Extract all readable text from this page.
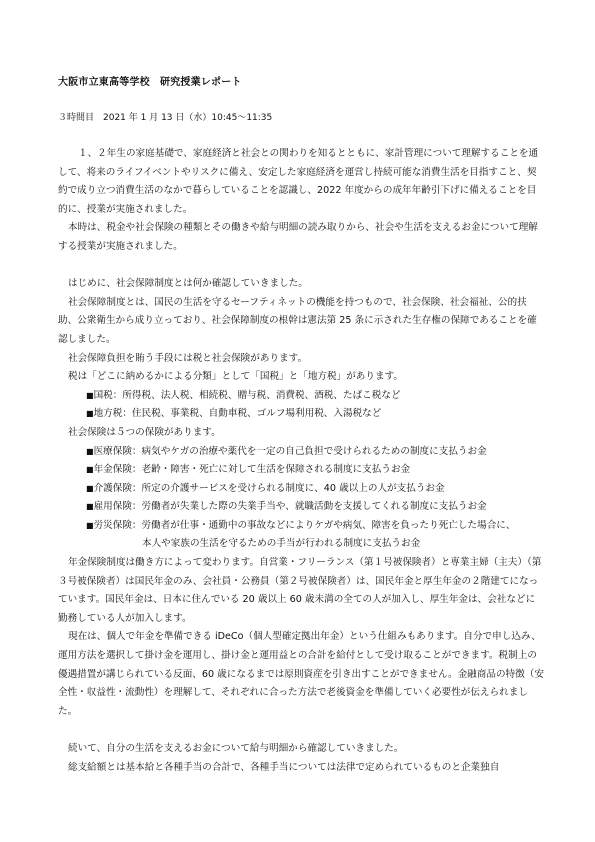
大阪市立東高等学校　研究授業レポート
３時間目　2021 年 1 月 13 日（水）10:45～11:35

１、２年生の家庭基礎で、家庭経済と社会との関わりを知るとともに、家計管理について理解することを通して、将来のライフイベントやリスクに備え、安定した家庭経済を運営し持続可能な消費生活を目指すこと、契約で成り立つ消費生活のなかで暮らしていることを認識し、2022 年度からの成年年齢引下げに備えることを目的に、授業が実施されました。

本時は、税金や社会保険の種類とその働きや給与明細の読み取りから、社会や生活を支えるお金について理解する授業が実施されました。

はじめに、社会保障制度とは何か確認していきました。

社会保障制度とは、国民の生活を守るセーフティネットの機能を持つもので、社会保険、社会福祉、公的扶助、公衆衛生から成り立っており、社会保障制度の根幹は憲法第 25 条に示された生存権の保障であることを確認しました。

社会保障負担を賄う手段には税と社会保険があります。

税は「どこに納めるかによる分類」として「国税」と「地方税」があります。

■国税：所得税、法人税、相続税、贈与税、消費税、酒税、たばこ税など

■地方税：住民税、事業税、自動車税、ゴルフ場利用税、入湯税など

社会保険は５つの保険があります。

■医療保険：病気やケガの治療や薬代を一定の自己負担で受けられるための制度に支払うお金

■年金保険：老齢・障害・死亡に対して生活を保障される制度に支払うお金

■介護保険：所定の介護サービスを受けられる制度に、40 歳以上の人が支払うお金

■雇用保険：労働者が失業した際の失業手当や、就職活動を支援してくれる制度に支払うお金

■労災保険：労働者が仕事・通勤中の事故などによりケガや病気、障害を負ったり死亡した場合に、

本人や家族の生活を守るための手当が行われる制度に支払うお金

年金保険制度は働き方によって変わります。自営業・フリーランス（第１号被保険者）と専業主婦（主夫）（第３号被保険者）は国民年金のみ、会社員・公務員（第２号被保険者）は、国民年金と厚生年金の２階建てになっています。国民年金は、日本に住んでいる 20 歳以上 60 歳未満の全ての人が加入し、厚生年金は、会社などに勤務している人が加入します。

現在は、個人で年金を準備できる iDeCo（個人型確定拠出年金）という仕組みもあります。自分で申し込み、運用方法を選択して掛け金を運用し、掛け金と運用益との合計を給付として受け取ることができます。税制上の優遇措置が講じられている反面、60 歳になるまでは原則資産を引き出すことができません。金融商品の特徴（安全性・収益性・流動性）を理解して、それぞれに合った方法で老後資金を準備していく必要性が伝えられました。

続いて、自分の生活を支えるお金について給与明細から確認していきました。

総支給額とは基本給と各種手当の合計で、各種手当については法律で定められているものと企業独自
